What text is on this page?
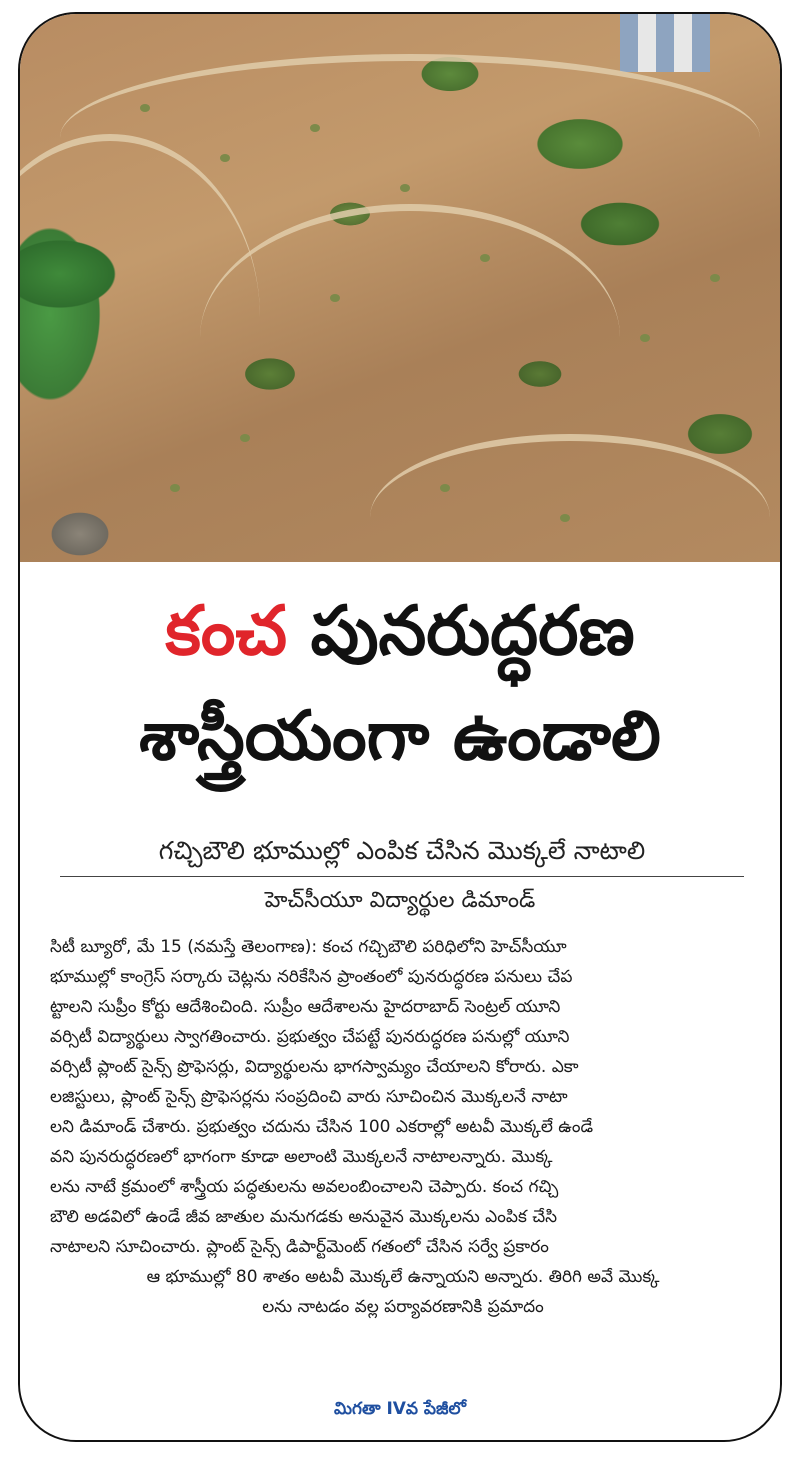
కంచ పునరుద్ధరణ
శాస్త్రీయంగా ఉండాలి
గచ్చిబౌలి భూముల్లో ఎంపిక చేసిన మొక్కలే నాటాలి
హెచ్‌సీయూ విద్యార్థుల డిమాండ్
సిటీ బ్యూరో, మే 15 (నమస్తే తెలంగాణ): కంచ గచ్చిబౌలి పరిధిలోని హెచ్‌సీయూ
భూముల్లో కాంగ్రెస్ సర్కారు చెట్లను నరికేసిన ప్రాంతంలో పునరుద్ధరణ పనులు చేప
ట్టాలని సుప్రీం కోర్టు ఆదేశించింది. సుప్రీం ఆదేశాలను హైదరాబాద్ సెంట్రల్ యూని
వర్సిటీ విద్యార్థులు స్వాగతించారు. ప్రభుత్వం చేపట్టే పునరుద్ధరణ పనుల్లో యూని
వర్సిటీ ప్లాంట్ సైన్స్ ప్రొఫెసర్లు, విద్యార్థులను భాగస్వామ్యం చేయాలని కోరారు. ఎకా
లజిస్టులు, ప్లాంట్ సైన్స్ ప్రొఫెసర్లను సంప్రదించి వారు సూచించిన మొక్కలనే నాటా
లని డిమాండ్ చేశారు. ప్రభుత్వం చదును చేసిన 100 ఎకరాల్లో అటవీ మొక్కలే ఉండే
వని పునరుద్ధరణలో భాగంగా కూడా అలాంటి మొక్కలనే నాటాలన్నారు. మొక్క
లను నాటే క్రమంలో శాస్త్రీయ పద్ధతులను అవలంబించాలని చెప్పారు. కంచ గచ్చి
బౌలి అడవిలో ఉండే జీవ జాతుల మనుగడకు అనువైన మొక్కలను ఎంపిక చేసి
నాటాలని సూచించారు. ప్లాంట్ సైన్స్ డిపార్ట్‌మెంట్ గతంలో చేసిన సర్వే ప్రకారం
ఆ భూముల్లో 80 శాతం అటవీ మొక్కలే ఉన్నాయని అన్నారు. తిరిగి అవే మొక్క
లను నాటడం వల్ల పర్యావరణానికి ప్రమాదం
మిగతా IVవ పేజీలో
